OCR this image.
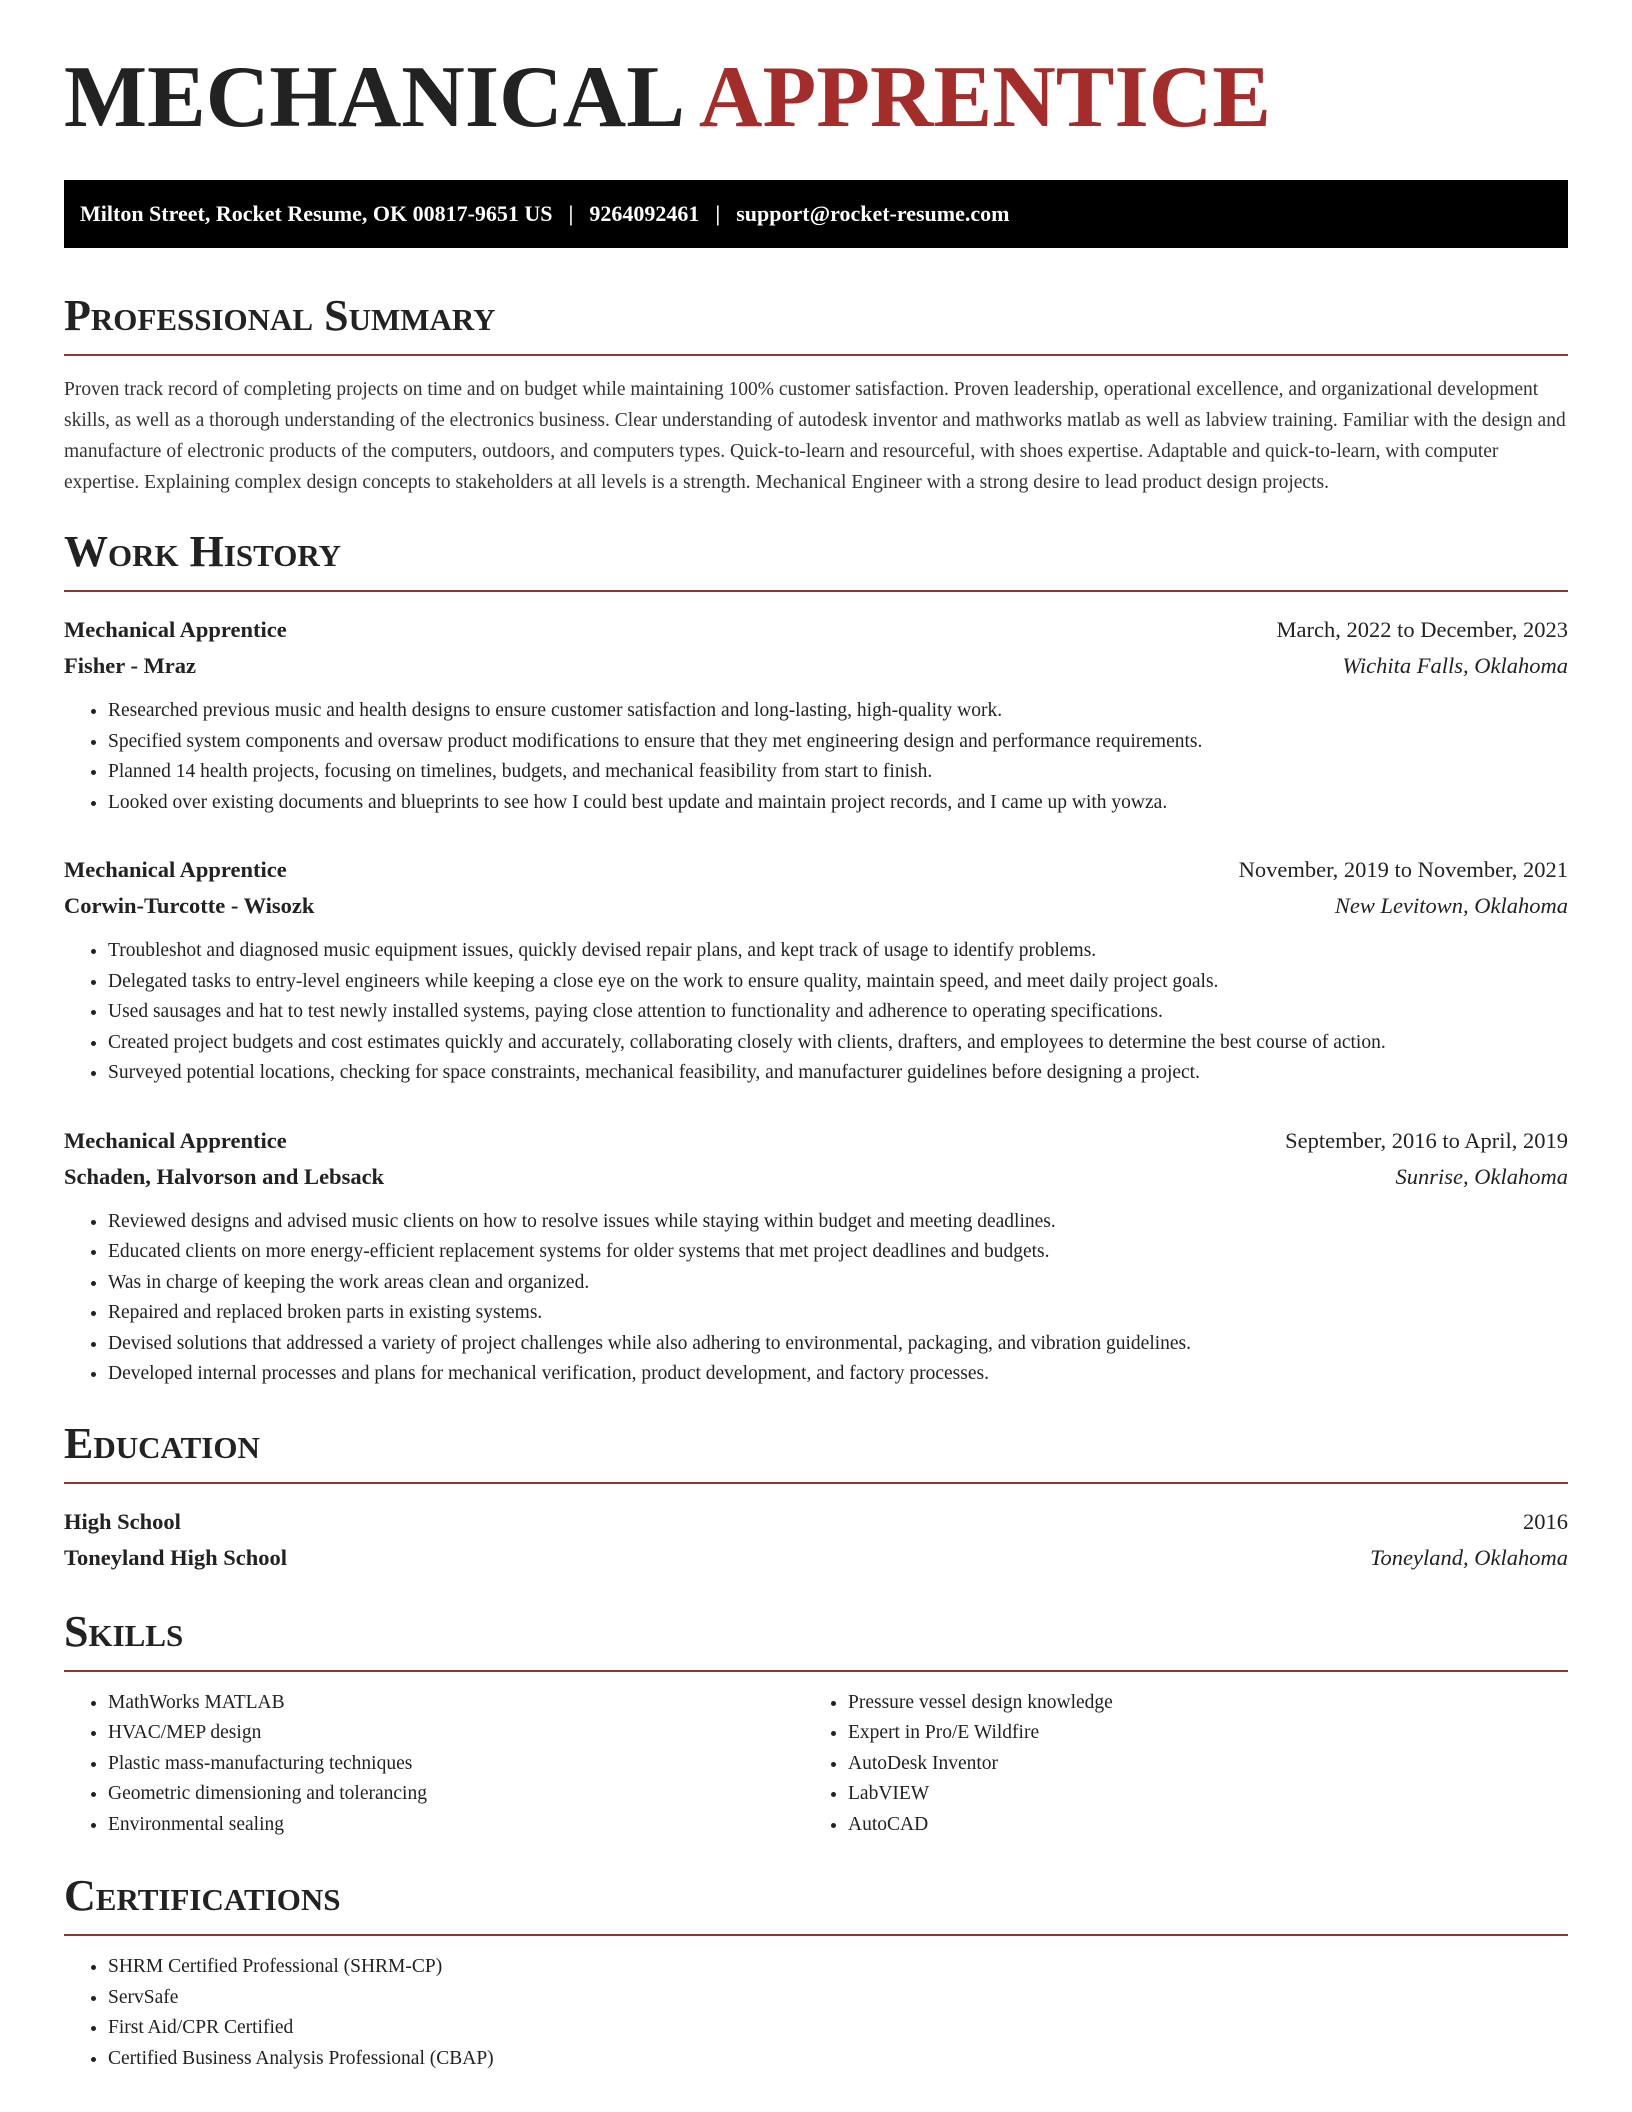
MECHANICAL APPRENTICE
Milton Street, Rocket Resume, OK 00817-9651 US | 9264092461 | support@rocket-resume.com
Professional Summary

Proven track record of completing projects on time and on budget while maintaining 100% customer satisfaction. Proven leadership, operational excellence, and organizational development skills, as well as a thorough understanding of the electronics business. Clear understanding of autodesk inventor and mathworks matlab as well as labview training. Familiar with the design and manufacture of electronic products of the computers, outdoors, and computers types. Quick-to-learn and resourceful, with shoes expertise. Adaptable and quick-to-learn, with computer expertise. Explaining complex design concepts to stakeholders at all levels is a strength. Mechanical Engineer with a strong desire to lead product design projects.

Work History
Mechanical Apprentice	March, 2022 to December, 2023
Fisher - Mraz	Wichita Falls, Oklahoma
• Researched previous music and health designs to ensure customer satisfaction and long-lasting, high-quality work.
• Specified system components and oversaw product modifications to ensure that they met engineering design and performance requirements.
• Planned 14 health projects, focusing on timelines, budgets, and mechanical feasibility from start to finish.
• Looked over existing documents and blueprints to see how I could best update and maintain project records, and I came up with yowza.
Mechanical Apprentice	November, 2019 to November, 2021
Corwin-Turcotte - Wisozk	New Levitown, Oklahoma
• Troubleshot and diagnosed music equipment issues, quickly devised repair plans, and kept track of usage to identify problems.
• Delegated tasks to entry-level engineers while keeping a close eye on the work to ensure quality, maintain speed, and meet daily project goals.
• Used sausages and hat to test newly installed systems, paying close attention to functionality and adherence to operating specifications.
• Created project budgets and cost estimates quickly and accurately, collaborating closely with clients, drafters, and employees to determine the best course of action.
• Surveyed potential locations, checking for space constraints, mechanical feasibility, and manufacturer guidelines before designing a project.
Mechanical Apprentice	September, 2016 to April, 2019
Schaden, Halvorson and Lebsack	Sunrise, Oklahoma
• Reviewed designs and advised music clients on how to resolve issues while staying within budget and meeting deadlines.
• Educated clients on more energy-efficient replacement systems for older systems that met project deadlines and budgets.
• Was in charge of keeping the work areas clean and organized.
• Repaired and replaced broken parts in existing systems.
• Devised solutions that addressed a variety of project challenges while also adhering to environmental, packaging, and vibration guidelines.
• Developed internal processes and plans for mechanical verification, product development, and factory processes.
Education
High School	2016
Toneyland High School	Toneyland, Oklahoma
Skills
• MathWorks MATLAB
• HVAC/MEP design
• Plastic mass-manufacturing techniques
• Geometric dimensioning and tolerancing
• Environmental sealing
• Pressure vessel design knowledge
• Expert in Pro/E Wildfire
• AutoDesk Inventor
• LabVIEW
• AutoCAD
Certifications
• SHRM Certified Professional (SHRM-CP)
• ServSafe
• First Aid/CPR Certified
• Certified Business Analysis Professional (CBAP)
